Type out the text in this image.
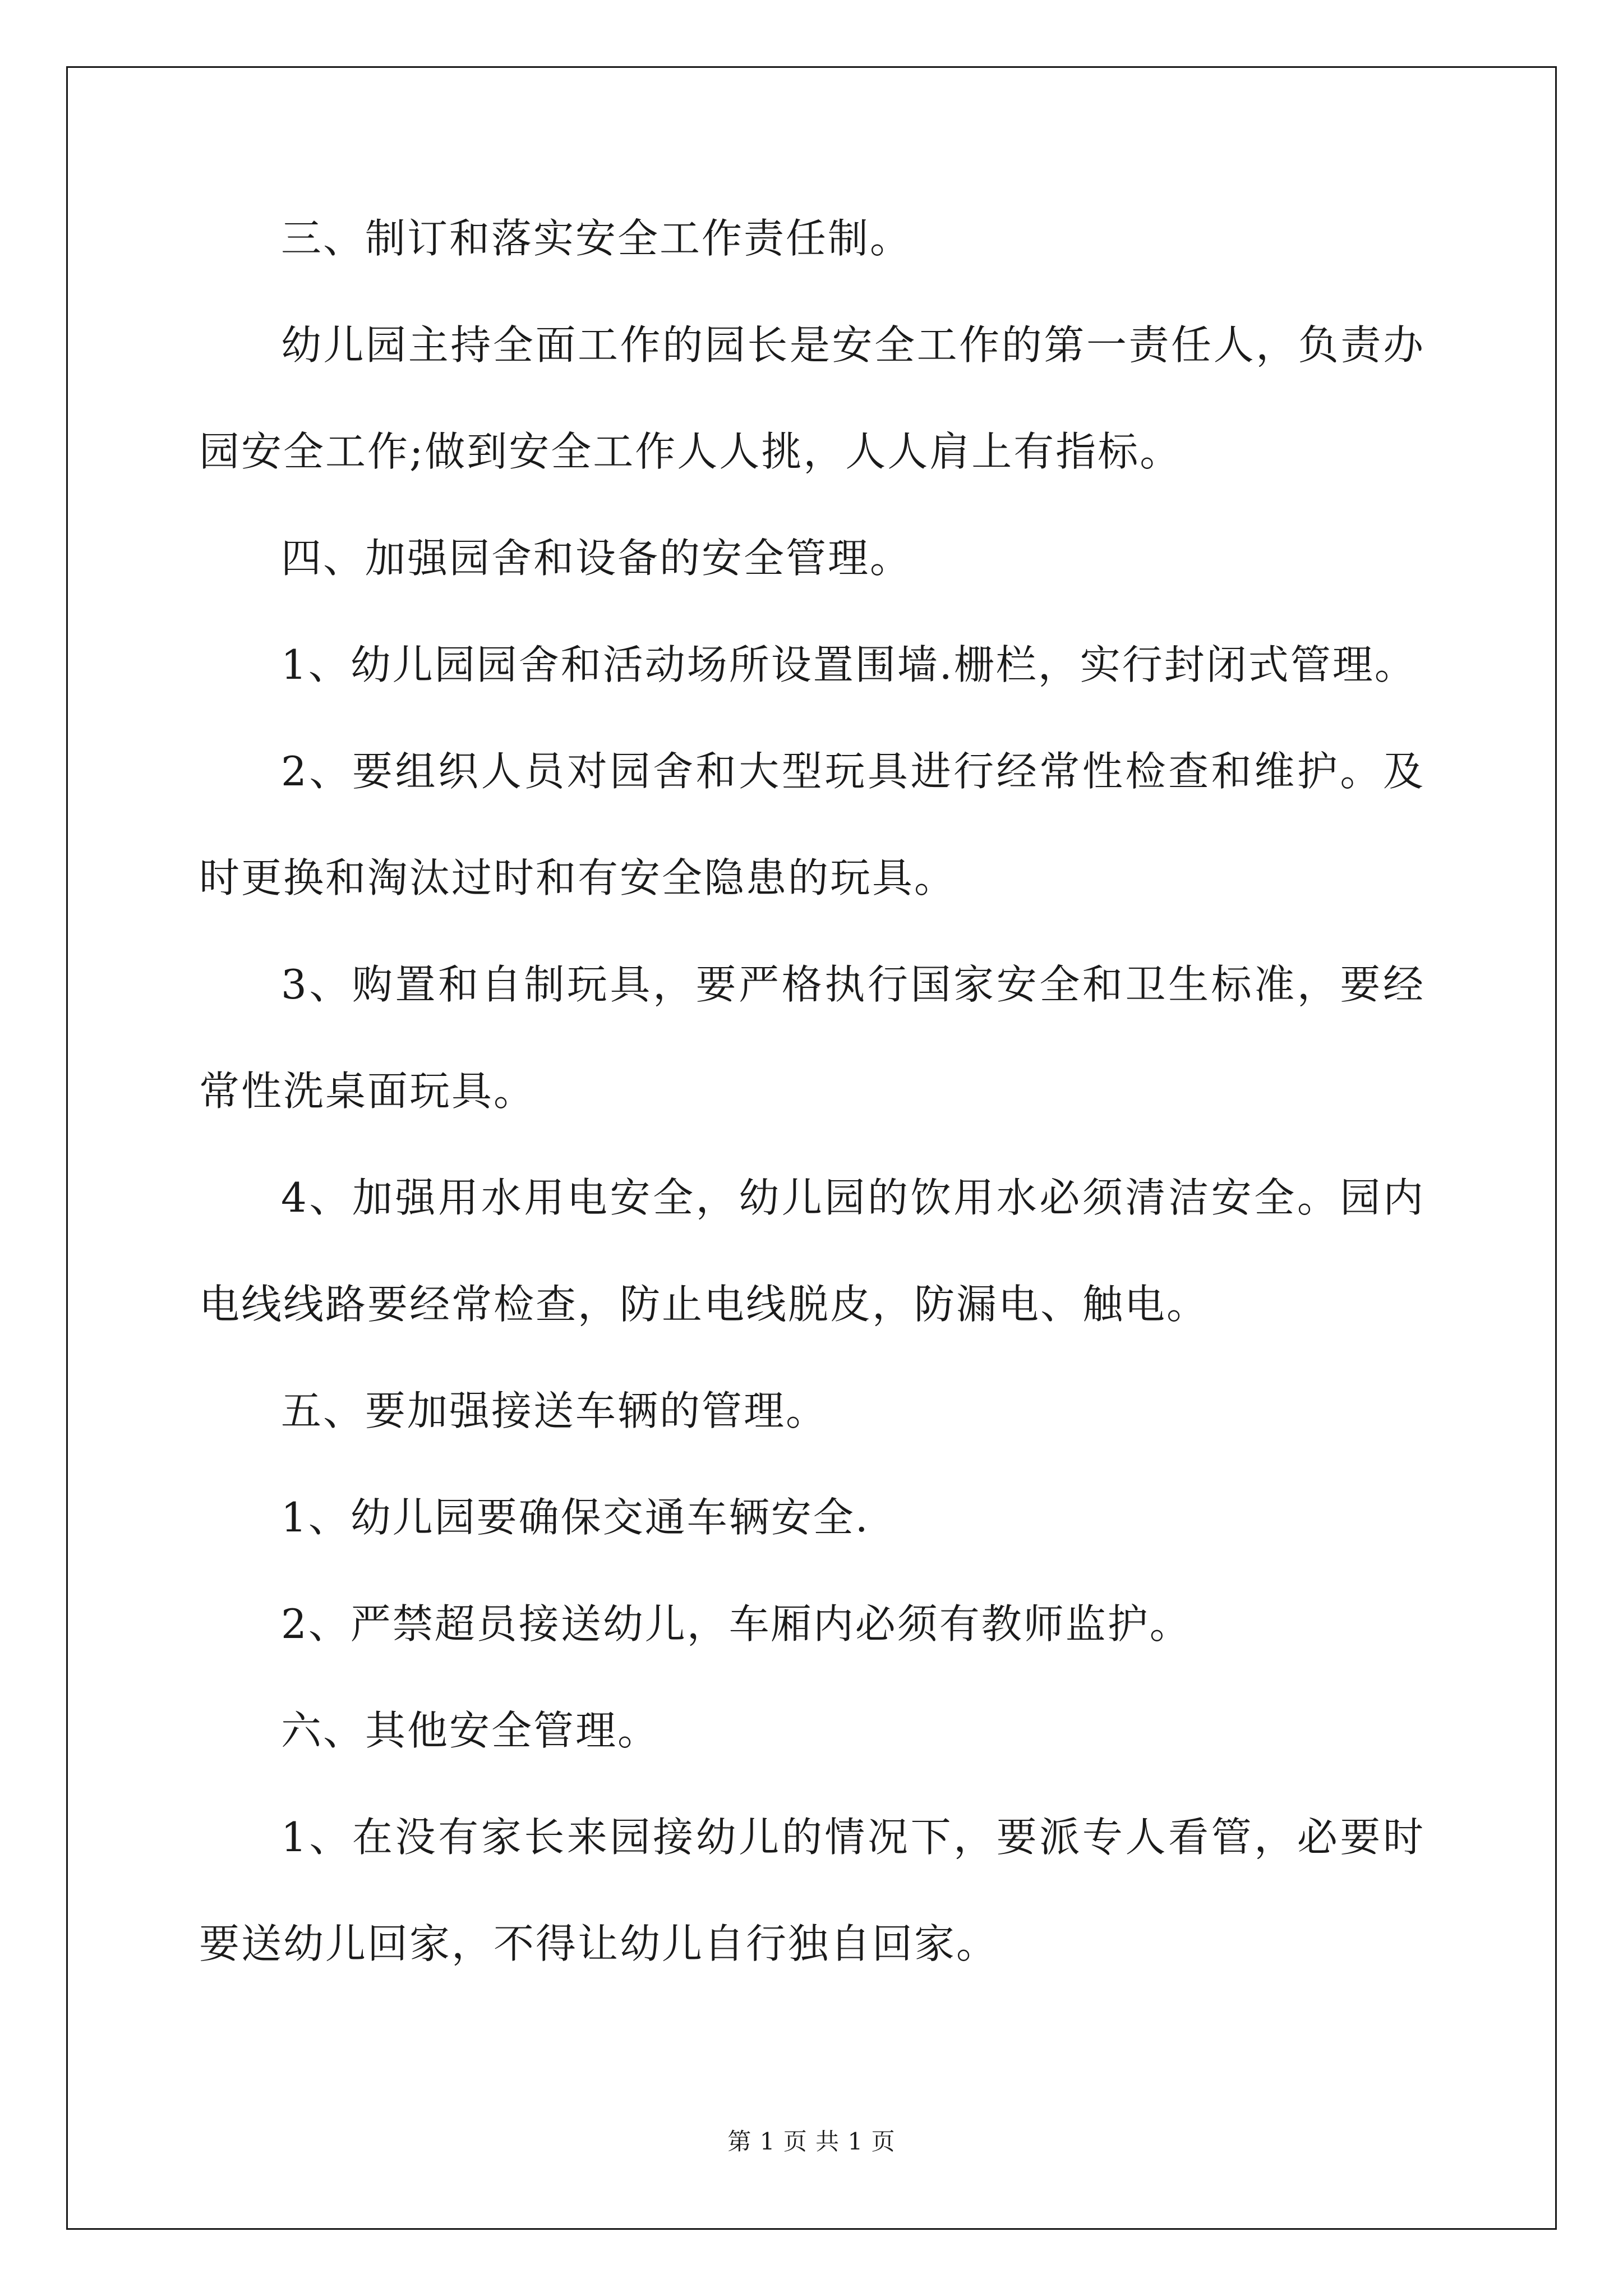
三、制订和落实安全工作责任制。

幼儿园主持全面工作的园长是安全工作的第一责任人，负责办园安全工作;做到安全工作人人挑，人人肩上有指标。

四、加强园舍和设备的安全管理。

1、幼儿园园舍和活动场所设置围墙.栅栏，实行封闭式管理。

2、要组织人员对园舍和大型玩具进行经常性检查和维护。及时更换和淘汰过时和有安全隐患的玩具。

3、购置和自制玩具，要严格执行国家安全和卫生标准，要经常性洗桌面玩具。

4、加强用水用电安全，幼儿园的饮用水必须清洁安全。园内电线线路要经常检查，防止电线脱皮，防漏电、触电。

五、要加强接送车辆的管理。

1、幼儿园要确保交通车辆安全.

2、严禁超员接送幼儿，车厢内必须有教师监护。

六、其他安全管理。

1、在没有家长来园接幼儿的情况下，要派专人看管，必要时要送幼儿回家，不得让幼儿自行独自回家。

第 1 页 共 1 页
